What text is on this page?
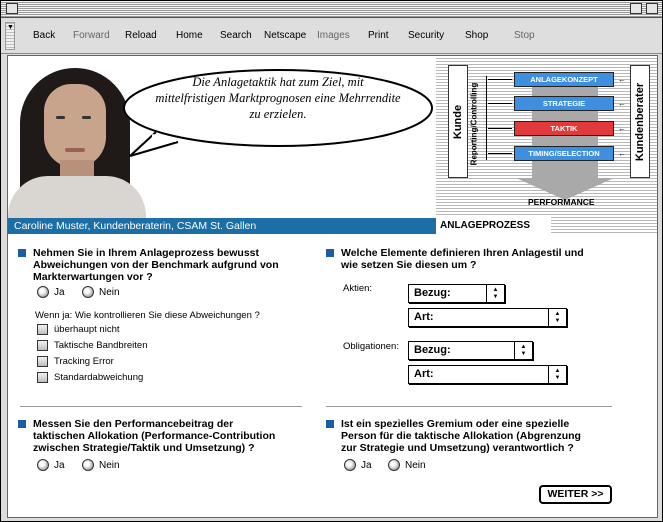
▼
Back Forward Reload Home Search Netscape Images Print Security Shop	Stop
Die Anlagetaktik hat zum Ziel, mit
mittelfristigen Marktprognosen eine Mehrrendite
zu erzielen.
Caroline Muster, Kundenberaterin, CSAM St. Gallen
Kunde	Kundenberater
Reporting/Controlling
ANLAGEKONZEPT
STRATEGIE
TAKTIK
TIMING/SELECTION
←
←
←
←
PERFORMANCE
ANLAGEPROZESS
Nehmen Sie in Ihrem Anlageprozess bewusst
Abweichungen von der Benchmark aufgrund von
Markterwartungen vor ?
Ja	Nein
Wenn ja: Wie kontrollieren Sie diese Abweichungen ?
überhaupt nicht
Taktische Bandbreiten
Tracking Error
Standardabweichung
Welche Elemente definieren Ihren Anlagestil und
wie setzen Sie diesen um ?
Aktien:	Bezug:	▲
▼
Art:	▲
▼
Obligationen:	Bezug:	▲
▼
Art:	▲
▼
Messen Sie den Performancebeitrag der
taktischen Allokation (Performance-Contribution
zwischen Strategie/Taktik und Umsetzung) ?
Ja	Nein
Ist ein spezielles Gremium oder eine spezielle
Person für die taktische Allokation (Abgrenzung
zur Strategie und Umsetzung) verantwortlich ?
Ja	Nein
WEITER >>
